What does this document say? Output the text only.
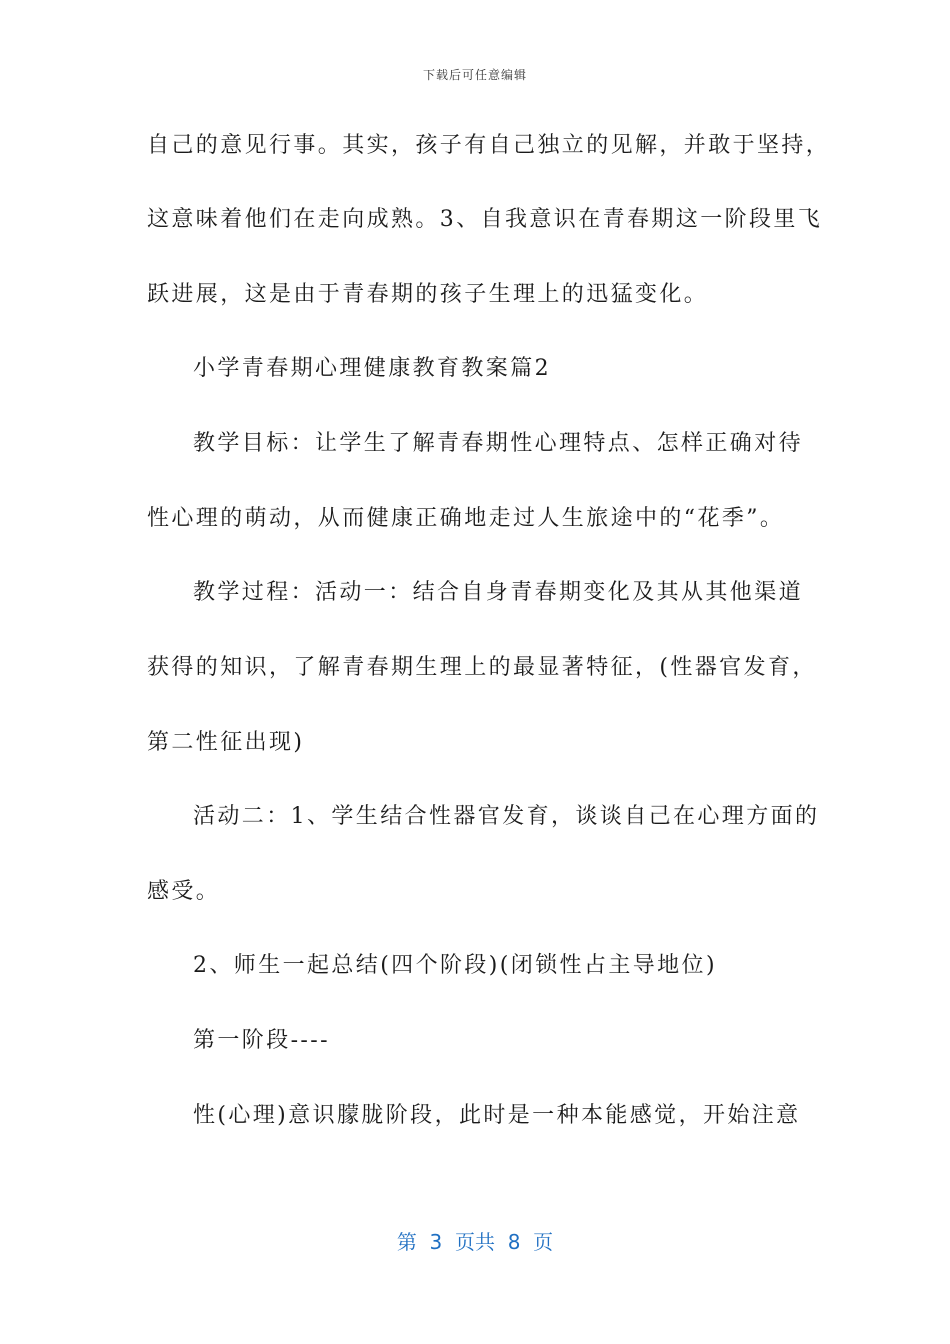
下载后可任意编辑
自己的意见行事。其实，孩子有自己独立的见解，并敢于坚持，
这意味着他们在走向成熟。3、自我意识在青春期这一阶段里飞
跃进展，这是由于青春期的孩子生理上的迅猛变化。
小学青春期心理健康教育教案篇2
教学目标：让学生了解青春期性心理特点、怎样正确对待
性心理的萌动，从而健康正确地走过人生旅途中的“花季”。
教学过程：活动一：结合自身青春期变化及其从其他渠道
获得的知识，了解青春期生理上的最显著特征，(性器官发育，
第二性征出现)
活动二：1、学生结合性器官发育，谈谈自己在心理方面的
感受。
2、师生一起总结(四个阶段)(闭锁性占主导地位)
第一阶段----
性(心理)意识朦胧阶段，此时是一种本能感觉，开始注意
第  3  页共  8  页
